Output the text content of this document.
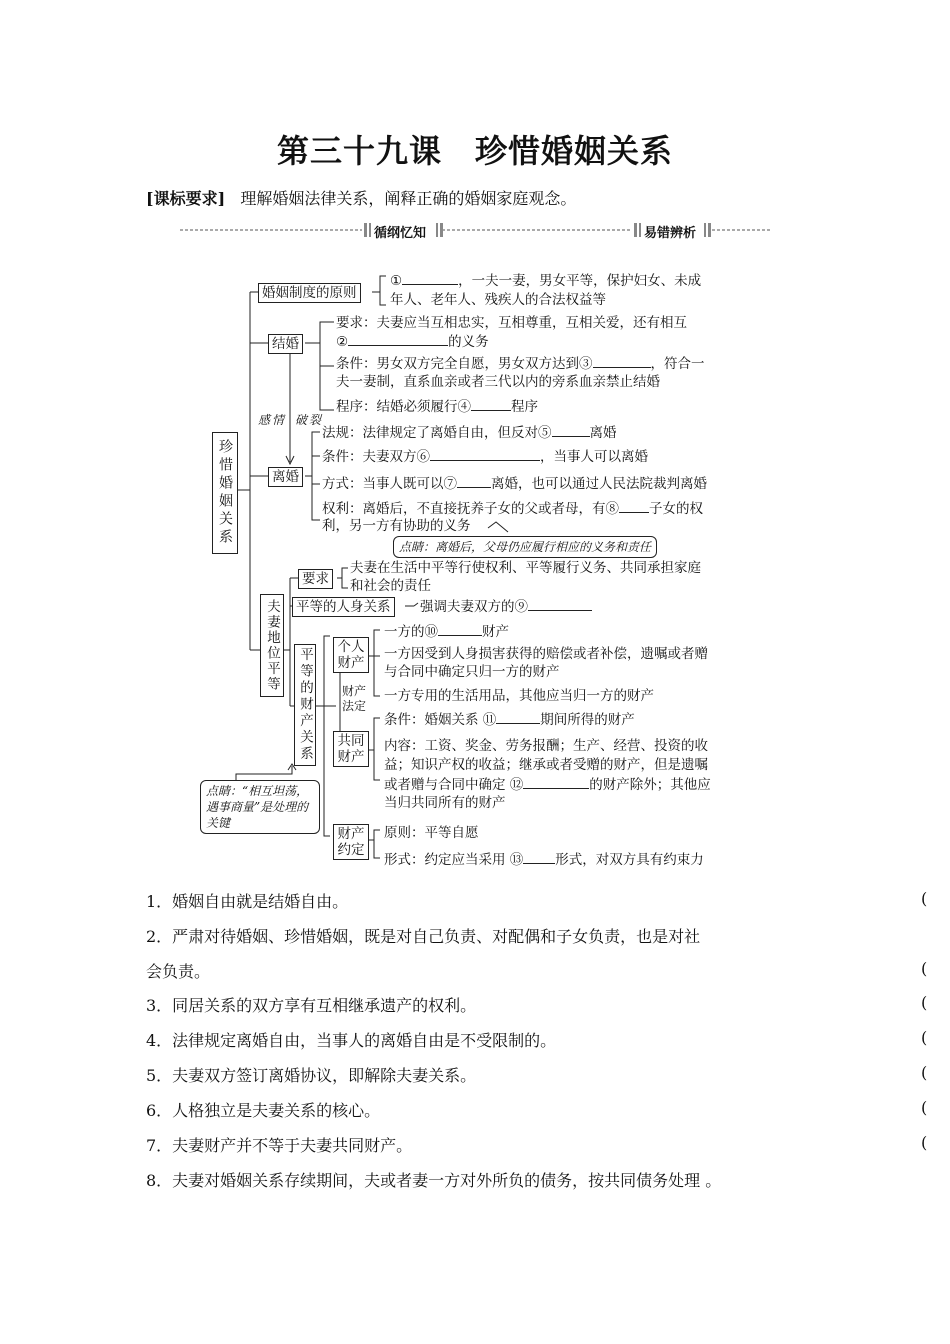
第三十九课　珍惜婚姻关系
[课标要求] 理解婚姻法律关系，阐释正确的婚姻家庭观念。
循纲忆知	易错辨析
珍惜婚姻关系
婚姻制度的原则
①	，一夫一妻，男女平等，保护妇女、未成
年人、老年人、残疾人的合法权益等
结婚
要求：夫妻应当互相忠实，互相尊重，互相关爱，还有相互
②	的义务
条件：男女双方完全自愿，男女双方达到③	，符合一
夫一妻制，直系血亲或者三代以内的旁系血亲禁止结婚
程序：结婚必须履行④	程序
感 情 破 裂
离婚
法规：法律规定了离婚自由，但反对⑤	离婚
条件：夫妻双方⑥	，当事人可以离婚
方式：当事人既可以⑦	离婚，也可以通过人民法院裁判离婚
权利：离婚后，不直接抚养子女的父或者母，有⑧ 子女的权
利，另一方有协助的义务
点睛：离婚后，父母仍应履行相应的义务和责任
夫妻地位平等
要求
夫妻在生活中平等行使权利、平等履行义务、共同承担家庭
和社会的责任
平等的人身关系 强调夫妻双方的⑨
平等的财产关系 财产法定
个人财产
一方的⑩	财产
一方因受到人身损害获得的赔偿或者补偿，遗嘱或者赠
与合同中确定只归一方的财产
一方专用的生活用品，其他应当归一方的财产
共同财产
条件：婚姻关系 ⑪	期间所得的财产
内容：工资、奖金、劳务报酬；生产、经营、投资的收
益；知识产权的收益；继承或者受赠的财产，但是遗嘱
或者赠与合同中确定 ⑫	的财产除外；其他应
当归共同所有的财产
财产约定
原则：平等自愿
形式：约定应当采用 ⑬ 形式，对双方具有约束力
点睛：“相互坦荡，遇事商量”是处理的关键
1．婚姻自由就是结婚自由。	(
2．严肃对待婚姻、珍惜婚姻，既是对自己负责、对配偶和子女负责，也是对社
会负责。	(
3．同居关系的双方享有互相继承遗产的权利。	(
4．法律规定离婚自由，当事人的离婚自由是不受限制的。	(
5．夫妻双方签订离婚协议，即解除夫妻关系。	(
6．人格独立是夫妻关系的核心。	(
7．夫妻财产并不等于夫妻共同财产。	(
8．夫妻对婚姻关系存续期间，夫或者妻一方对外所负的债务，按共同债务处理 。
